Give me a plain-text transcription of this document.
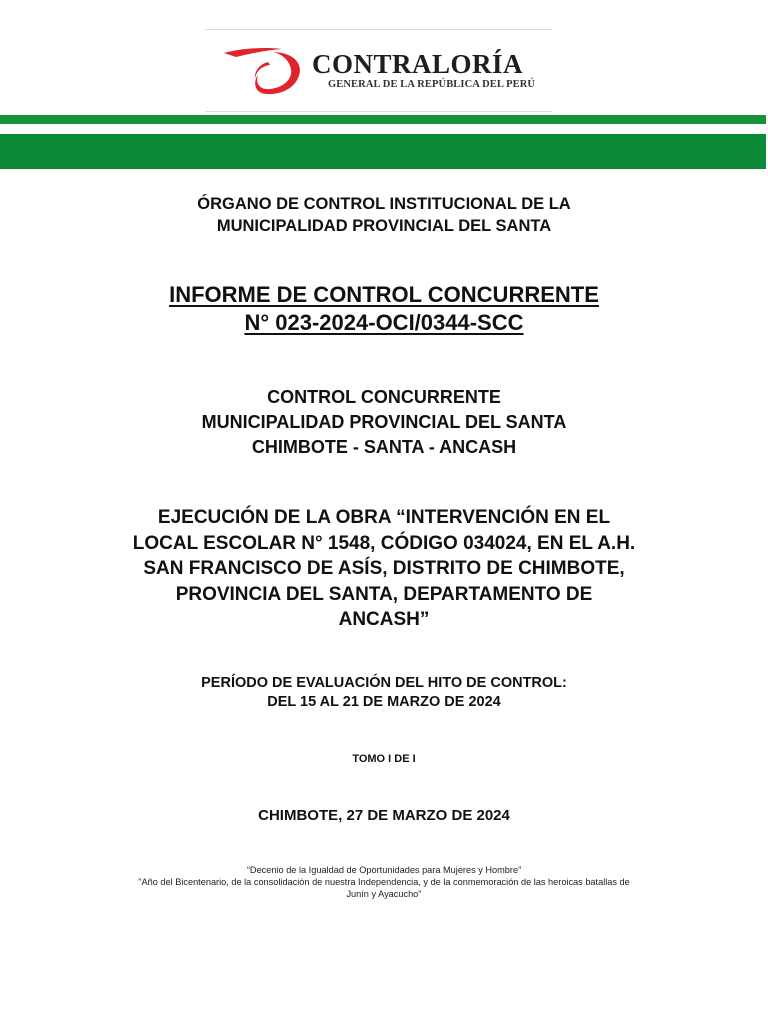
CONTRALORÍA
GENERAL DE LA REPÚBLICA DEL PERÚ
ÓRGANO DE CONTROL INSTITUCIONAL DE LA
MUNICIPALIDAD PROVINCIAL DEL SANTA
INFORME DE CONTROL CONCURRENTE
N° 023-2024-OCI/0344-SCC
CONTROL CONCURRENTE
MUNICIPALIDAD PROVINCIAL DEL SANTA
CHIMBOTE - SANTA - ANCASH
EJECUCIÓN DE LA OBRA “INTERVENCIÓN EN EL
LOCAL ESCOLAR N° 1548, CÓDIGO 034024, EN EL A.H.
SAN FRANCISCO DE ASÍS, DISTRITO DE CHIMBOTE,
PROVINCIA DEL SANTA, DEPARTAMENTO DE
ANCASH”
PERÍODO DE EVALUACIÓN DEL HITO DE CONTROL:
DEL 15 AL 21 DE MARZO DE 2024
TOMO I DE I
CHIMBOTE, 27 DE MARZO DE 2024
“Decenio de la Igualdad de Oportunidades para Mujeres y Hombre”
"Año del Bicentenario, de la consolidación de nuestra Independencia, y de la conmemoración de las heroicas batallas de
Junín y Ayacucho"
